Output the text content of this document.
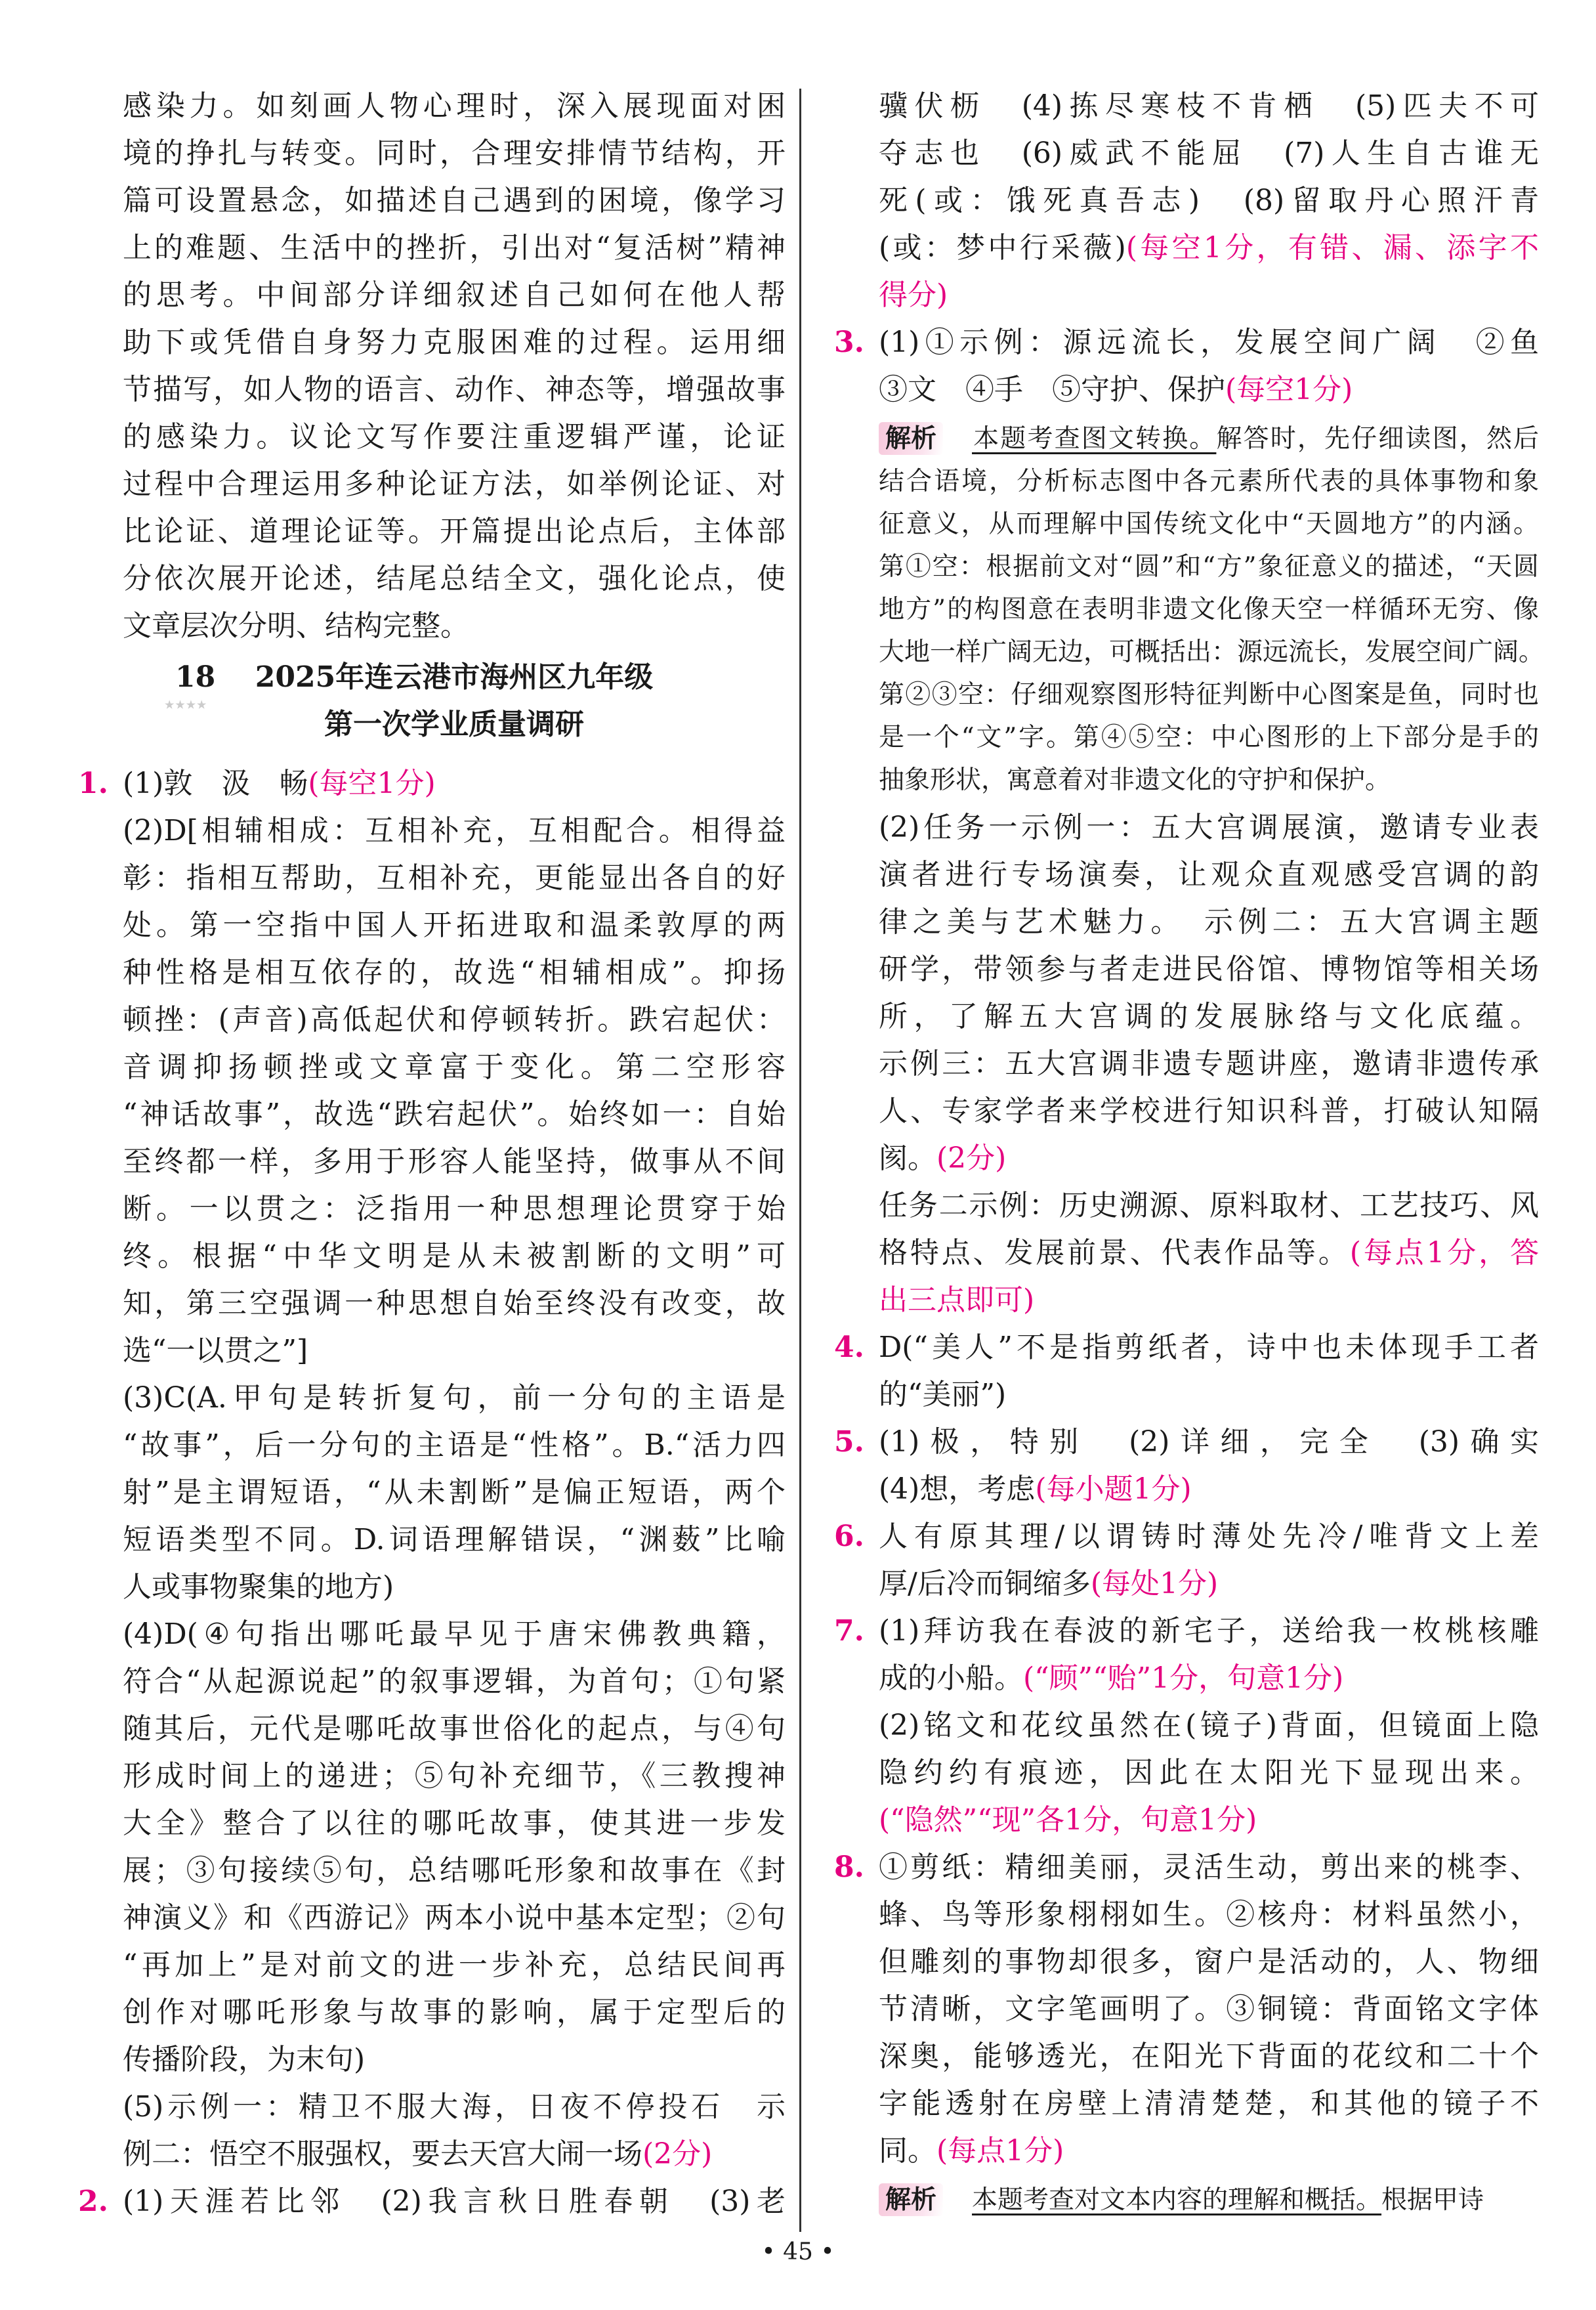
感染力。如刻画人物心理时，深入展现面对困
境的挣扎与转变。同时，合理安排情节结构，开
篇可设置悬念，如描述自己遇到的困境，像学习
上的难题、生活中的挫折，引出对“复活树”精神
的思考。中间部分详细叙述自己如何在他人帮
助下或凭借自身努力克服困难的过程。运用细
节描写，如人物的语言、动作、神态等，增强故事
的感染力。议论文写作要注重逻辑严谨，论证
过程中合理运用多种论证方法，如举例论证、对
比论证、道理论证等。开篇提出论点后，主体部
分依次展开论述，结尾总结全文，强化论点，使
文章层次分明、结构完整。
18 ★★★★	2025年连云港市海州区九年级
第一次学业质量调研
1. (1)敦　汲　畅(每空1分)
(2)D[相辅相成：互相补充，互相配合。相得益
彰：指相互帮助，互相补充，更能显出各自的好
处。第一空指中国人开拓进取和温柔敦厚的两
种性格是相互依存的，故选“相辅相成”。抑扬
顿挫：(声音)高低起伏和停顿转折。跌宕起伏：
音调抑扬顿挫或文章富于变化。第二空形容
“神话故事”，故选“跌宕起伏”。始终如一：自始
至终都一样，多用于形容人能坚持，做事从不间
断。一以贯之：泛指用一种思想理论贯穿于始
终。根据“中华文明是从未被割断的文明”可
知，第三空强调一种思想自始至终没有改变，故
选“一以贯之”]
(3)C(A.甲句是转折复句，前一分句的主语是
“故事”，后一分句的主语是“性格”。B.“活力四
射”是主谓短语，“从未割断”是偏正短语，两个
短语类型不同。D.词语理解错误，“渊薮”比喻
人或事物聚集的地方)
(4)D(④句指出哪吒最早见于唐宋佛教典籍，
符合“从起源说起”的叙事逻辑，为首句；①句紧
随其后，元代是哪吒故事世俗化的起点，与④句
形成时间上的递进；⑤句补充细节，《三教搜神
大全》整合了以往的哪吒故事，使其进一步发
展；③句接续⑤句，总结哪吒形象和故事在《封
神演义》和《西游记》两本小说中基本定型；②句
“再加上”是对前文的进一步补充，总结民间再
创作对哪吒形象与故事的影响，属于定型后的
传播阶段，为末句)
(5)示例一：精卫不服大海，日夜不停投石　示
例二：悟空不服强权，要去天宫大闹一场(2分)
2. (1)天涯若比邻　(2)我言秋日胜春朝　(3)老
骥伏枥　(4)拣尽寒枝不肯栖　(5)匹夫不可
夺志也　(6)威武不能屈　(7)人生自古谁无
死(或：饿死真吾志)　(8)留取丹心照汗青
(或：梦中行采薇)(每空1分，有错、漏、添字不
得分)
3. (1)①示例：源远流长，发展空间广阔　②鱼
③文　④手　⑤守护、保护(每空1分)
解析 本题考查图文转换。解答时，先仔细读图，然后
结合语境，分析标志图中各元素所代表的具体事物和象
征意义，从而理解中国传统文化中“天圆地方”的内涵。
第①空：根据前文对“圆”和“方”象征意义的描述，“天圆
地方”的构图意在表明非遗文化像天空一样循环无穷、像
大地一样广阔无边，可概括出：源远流长，发展空间广阔。
第②③空：仔细观察图形特征判断中心图案是鱼，同时也
是一个“文”字。第④⑤空：中心图形的上下部分是手的
抽象形状，寓意着对非遗文化的守护和保护。
(2)任务一示例一：五大宫调展演，邀请专业表
演者进行专场演奏，让观众直观感受宫调的韵
律之美与艺术魅力。　示例二：五大宫调主题
研学，带领参与者走进民俗馆、博物馆等相关场
所，了解五大宫调的发展脉络与文化底蕴。
示例三：五大宫调非遗专题讲座，邀请非遗传承
人、专家学者来学校进行知识科普，打破认知隔
阂。(2分)
任务二示例：历史溯源、原料取材、工艺技巧、风
格特点、发展前景、代表作品等。(每点1分，答
出三点即可)
4. D(“美人”不是指剪纸者，诗中也未体现手工者
的“美丽”)
5. (1)极，特别　(2)详细，完全　(3)确实
(4)想，考虑(每小题1分)
6. 人有原其理/以谓铸时薄处先冷/唯背文上差
厚/后冷而铜缩多(每处1分)
7. (1)拜访我在春波的新宅子，送给我一枚桃核雕
成的小船。(“顾”“贻”1分，句意1分)
(2)铭文和花纹虽然在(镜子)背面，但镜面上隐
隐约约有痕迹，因此在太阳光下显现出来。
(“隐然”“现”各1分，句意1分)
8. ①剪纸：精细美丽，灵活生动，剪出来的桃李、
蜂、鸟等形象栩栩如生。②核舟：材料虽然小，
但雕刻的事物却很多，窗户是活动的，人、物细
节清晰，文字笔画明了。③铜镜：背面铭文字体
深奥，能够透光，在阳光下背面的花纹和二十个
字能透射在房壁上清清楚楚，和其他的镜子不
同。(每点1分)
解析 本题考查对文本内容的理解和概括。根据甲诗
• 45 •
